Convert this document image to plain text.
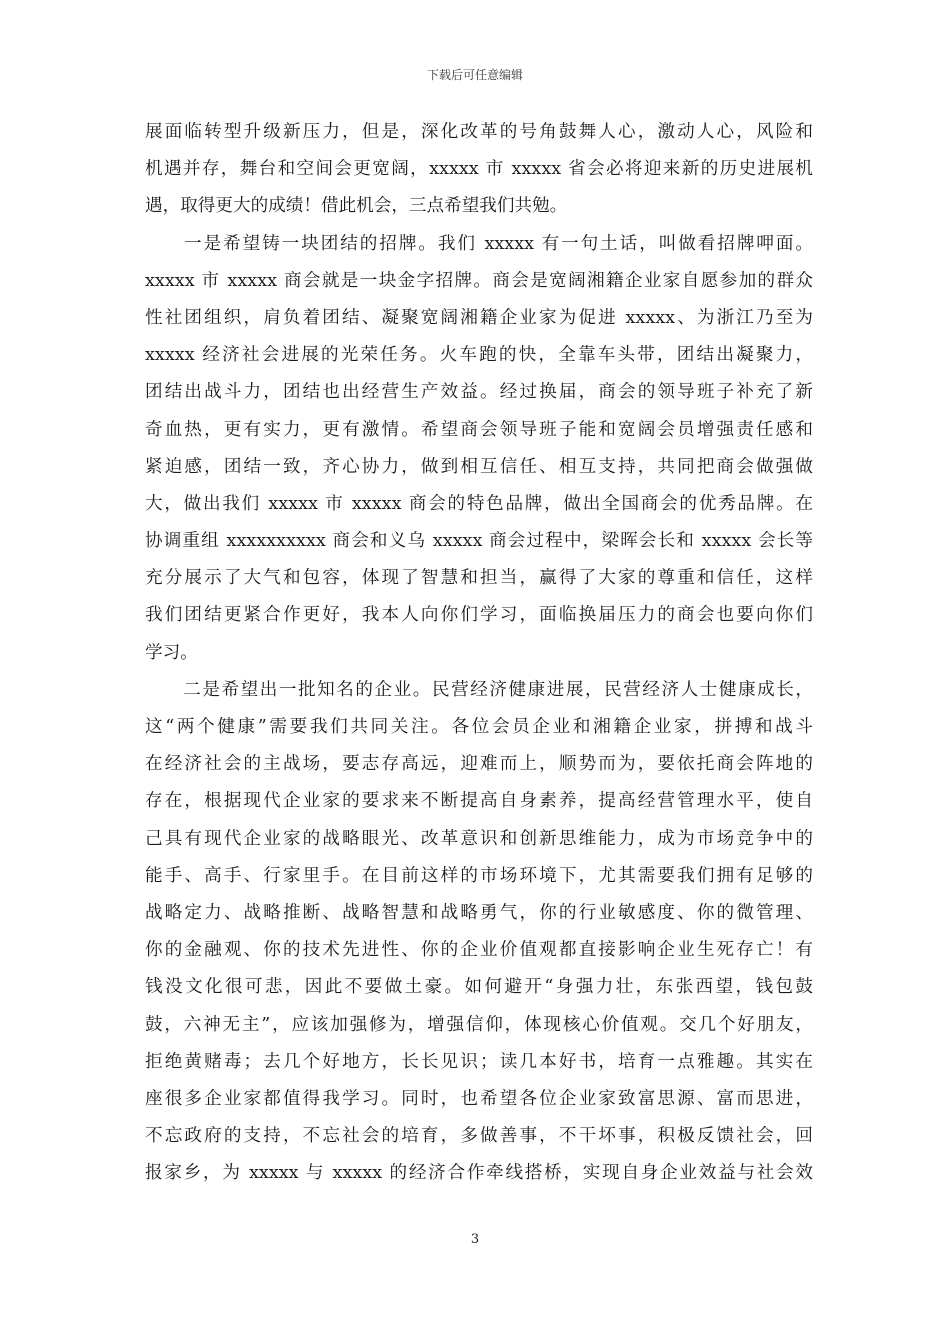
下载后可任意编辑
展面临转型升级新压力，但是，深化改革的号角鼓舞人心，激动人心，风险和
机遇并存，舞台和空间会更宽阔，xxxxx 市 xxxxx 省会必将迎来新的历史进展机
遇，取得更大的成绩！借此机会，三点希望我们共勉。
　　一是希望铸一块团结的招牌。我们 xxxxx 有一句土话，叫做看招牌呷面。
xxxxx 市 xxxxx 商会就是一块金字招牌。商会是宽阔湘籍企业家自愿参加的群众
性社团组织，肩负着团结、凝聚宽阔湘籍企业家为促进 xxxxx、为浙江乃至为
xxxxx 经济社会进展的光荣任务。火车跑的快，全靠车头带，团结出凝聚力，
团结出战斗力，团结也出经营生产效益。经过换届，商会的领导班子补充了新
奇血热，更有实力，更有激情。希望商会领导班子能和宽阔会员增强责任感和
紧迫感，团结一致，齐心协力，做到相互信任、相互支持，共同把商会做强做
大，做出我们 xxxxx 市 xxxxx 商会的特色品牌，做出全国商会的优秀品牌。在
协调重组 xxxxxxxxxx 商会和义乌 xxxxx 商会过程中，梁晖会长和 xxxxx 会长等
充分展示了大气和包容，体现了智慧和担当，赢得了大家的尊重和信任，这样
我们团结更紧合作更好，我本人向你们学习，面临换届压力的商会也要向你们
学习。
　　二是希望出一批知名的企业。民营经济健康进展，民营经济人士健康成长，
这“两个健康”需要我们共同关注。各位会员企业和湘籍企业家，拼搏和战斗
在经济社会的主战场，要志存高远，迎难而上，顺势而为，要依托商会阵地的
存在，根据现代企业家的要求来不断提高自身素养，提高经营管理水平，使自
己具有现代企业家的战略眼光、改革意识和创新思维能力，成为市场竞争中的
能手、高手、行家里手。在目前这样的市场环境下，尤其需要我们拥有足够的
战略定力、战略推断、战略智慧和战略勇气，你的行业敏感度、你的微管理、
你的金融观、你的技术先进性、你的企业价值观都直接影响企业生死存亡！有
钱没文化很可悲，因此不要做土豪。如何避开“身强力壮，东张西望，钱包鼓
鼓，六神无主”，应该加强修为，增强信仰，体现核心价值观。交几个好朋友，
拒绝黄赌毒；去几个好地方，长长见识；读几本好书，培育一点雅趣。其实在
座很多企业家都值得我学习。同时，也希望各位企业家致富思源、富而思进，
不忘政府的支持，不忘社会的培育，多做善事，不干坏事，积极反馈社会，回
报家乡，为 xxxxx 与 xxxxx 的经济合作牵线搭桥，实现自身企业效益与社会效
3
